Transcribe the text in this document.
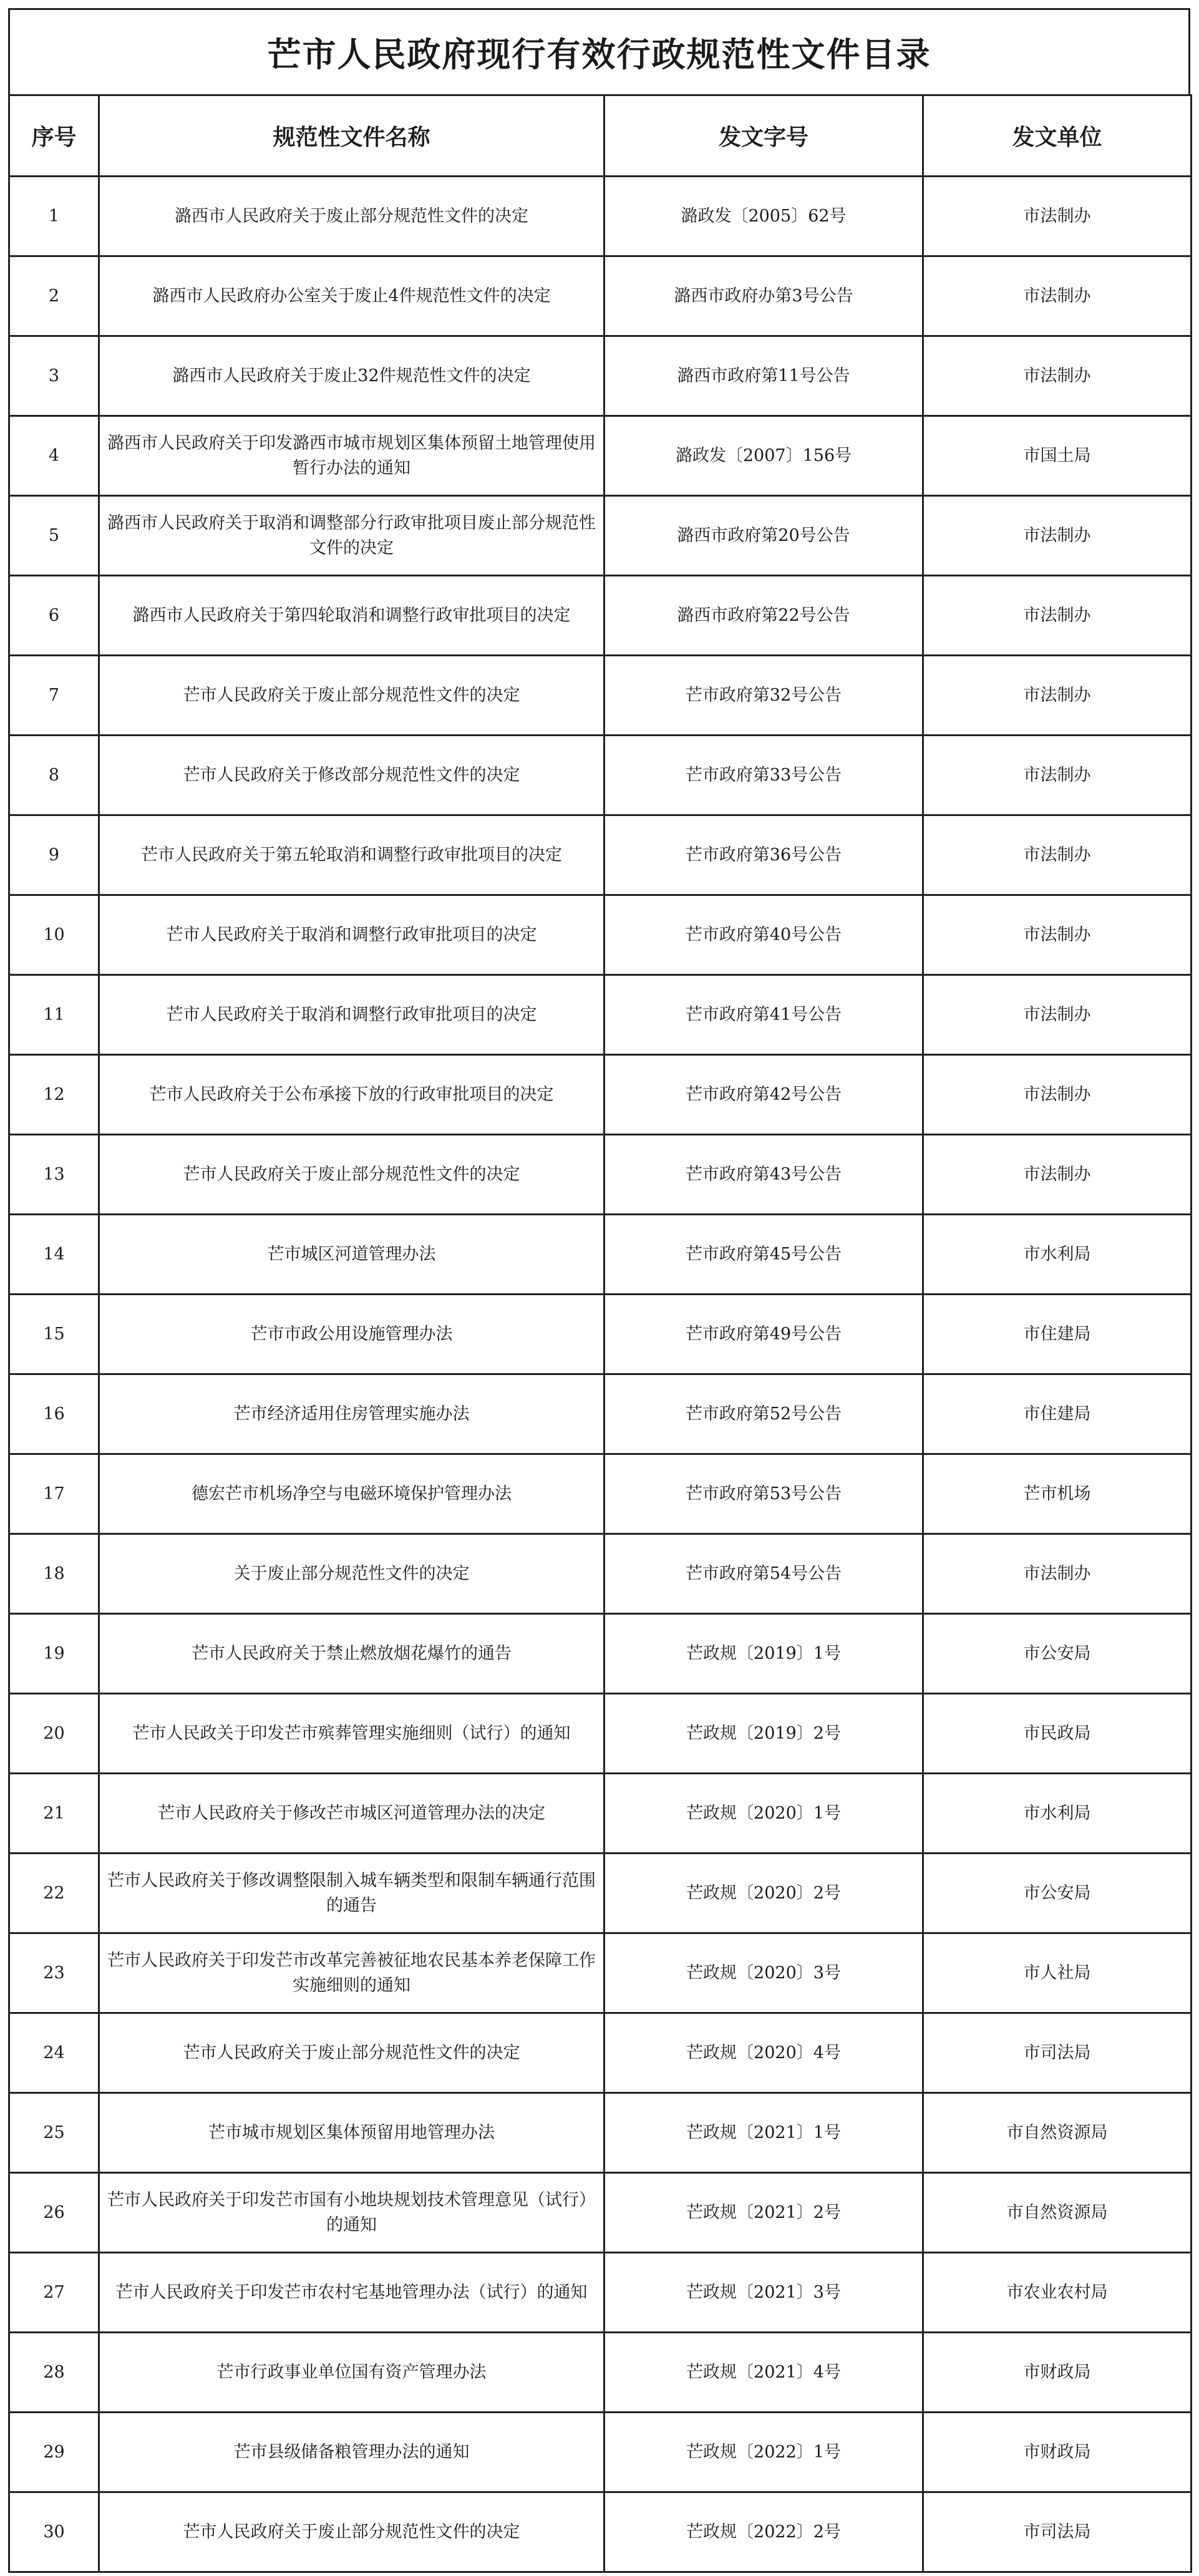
芒市人民政府现行有效行政规范性文件目录
序号	规范性文件名称	发文字号	发文单位
1	潞西市人民政府关于废止部分规范性文件的决定	潞政发〔2005〕62号	市法制办
2	潞西市人民政府办公室关于废止4件规范性文件的决定	潞西市政府办第3号公告	市法制办
3	潞西市人民政府关于废止32件规范性文件的决定	潞西市政府第11号公告	市法制办
4	潞西市人民政府关于印发潞西市城市规划区集体预留土地管理使用暂行办法的通知	潞政发〔2007〕156号	市国土局
5	潞西市人民政府关于取消和调整部分行政审批项目废止部分规范性文件的决定	潞西市政府第20号公告	市法制办
6	潞西市人民政府关于第四轮取消和调整行政审批项目的决定	潞西市政府第22号公告	市法制办
7	芒市人民政府关于废止部分规范性文件的决定	芒市政府第32号公告	市法制办
8	芒市人民政府关于修改部分规范性文件的决定	芒市政府第33号公告	市法制办
9	芒市人民政府关于第五轮取消和调整行政审批项目的决定	芒市政府第36号公告	市法制办
10	芒市人民政府关于取消和调整行政审批项目的决定	芒市政府第40号公告	市法制办
11	芒市人民政府关于取消和调整行政审批项目的决定	芒市政府第41号公告	市法制办
12	芒市人民政府关于公布承接下放的行政审批项目的决定	芒市政府第42号公告	市法制办
13	芒市人民政府关于废止部分规范性文件的决定	芒市政府第43号公告	市法制办
14	芒市城区河道管理办法	芒市政府第45号公告	市水利局
15	芒市市政公用设施管理办法	芒市政府第49号公告	市住建局
16	芒市经济适用住房管理实施办法	芒市政府第52号公告	市住建局
17	德宏芒市机场净空与电磁环境保护管理办法	芒市政府第53号公告	芒市机场
18	关于废止部分规范性文件的决定	芒市政府第54号公告	市法制办
19	芒市人民政府关于禁止燃放烟花爆竹的通告	芒政规〔2019〕1号	市公安局
20	芒市人民政关于印发芒市殡葬管理实施细则（试行）的通知	芒政规〔2019〕2号	市民政局
21	芒市人民政府关于修改芒市城区河道管理办法的决定	芒政规〔2020〕1号	市水利局
22	芒市人民政府关于修改调整限制入城车辆类型和限制车辆通行范围的通告	芒政规〔2020〕2号	市公安局
23	芒市人民政府关于印发芒市改革完善被征地农民基本养老保障工作实施细则的通知	芒政规〔2020〕3号	市人社局
24	芒市人民政府关于废止部分规范性文件的决定	芒政规〔2020〕4号	市司法局
25	芒市城市规划区集体预留用地管理办法	芒政规〔2021〕1号	市自然资源局
26	芒市人民政府关于印发芒市国有小地块规划技术管理意见（试行）的通知	芒政规〔2021〕2号	市自然资源局
27	芒市人民政府关于印发芒市农村宅基地管理办法（试行）的通知	芒政规〔2021〕3号	市农业农村局
28	芒市行政事业单位国有资产管理办法	芒政规〔2021〕4号	市财政局
29	芒市县级储备粮管理办法的通知	芒政规〔2022〕1号	市财政局
30	芒市人民政府关于废止部分规范性文件的决定	芒政规〔2022〕2号	市司法局
